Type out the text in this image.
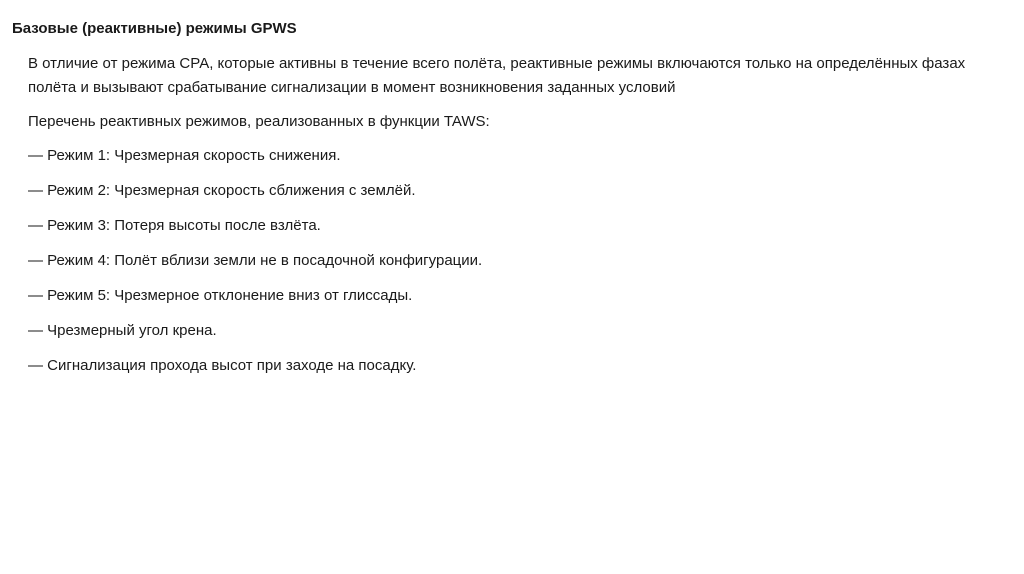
Базовые (реактивные) режимы GPWS

В отличие от режима СРА, которые активны в течение всего полёта, реактивные режимы включаются только на определённых фазах полёта и вызывают срабатывание сигнализации в момент возникновения заданных условий

Перечень реактивных режимов, реализованных в функции TAWS:

— Режим 1: Чрезмерная скорость снижения.
— Режим 2: Чрезмерная скорость сближения с землёй.
— Режим 3: Потеря высоты после взлёта.
— Режим 4: Полёт вблизи земли не в посадочной конфигурации.
— Режим 5: Чрезмерное отклонение вниз от глиссады.
— Чрезмерный угол крена.
— Сигнализация прохода высот при заходе на посадку.
